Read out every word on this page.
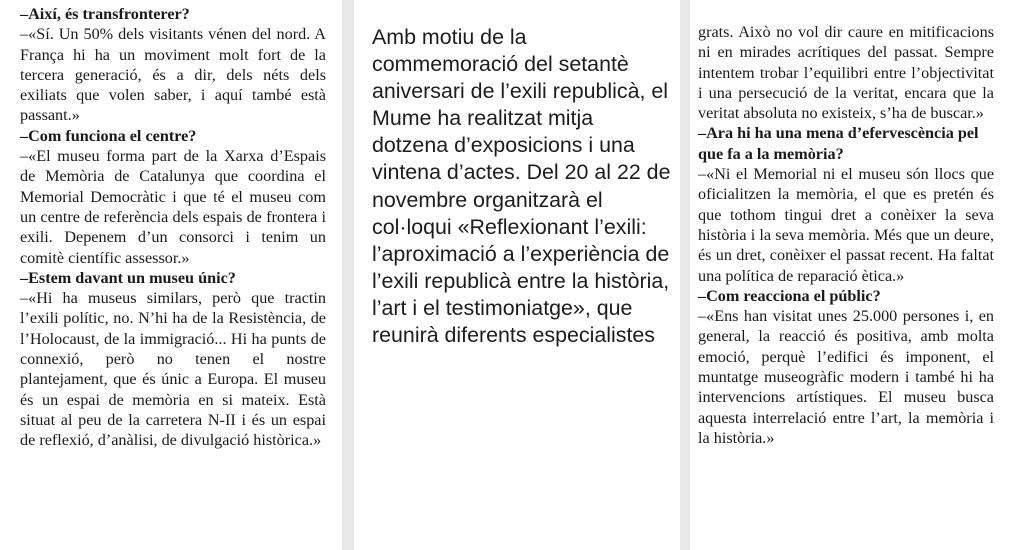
–Així, és transfronterer?

–«Sí. Un 50% dels visitants vénen del nord. A França hi ha un moviment molt fort de la tercera generació, és a dir, dels néts dels exiliats que volen saber, i aquí també està passant.»

–Com funciona el centre?

–«El museu forma part de la Xarxa d’Espais de Memòria de Catalunya que coordina el Memorial Democràtic i que té el museu com un centre de referència dels espais de frontera i exili. Depenem d’un consorci i tenim un comitè científic assessor.»

–Estem davant un museu únic?

–«Hi ha museus similars, però que tractin l’exili polític, no. N’hi ha de la Resistència, de l’Holocaust, de la immigració... Hi ha punts de connexió, però no tenen el nostre plantejament, que és únic a Europa. El museu és un espai de memòria en si mateix. Està situat al peu de la carretera N-II i és un espai de reflexió, d’anàlisi, de divulgació històrica.»

Amb motiu de la commemoració del setantè aniversari de l’exili republicà, el Mume ha realitzat mitja dotzena d’exposicions i una vintena d’actes. Del 20 al 22 de novembre organitzarà el col·loqui «Reflexionant l’exili: l’aproximació a l’experiència de l’exili republicà entre la història, l’art i el testimoniatge», que reunirà diferents especialistes

grats. Això no vol dir caure en mitificacions ni en mirades acrítiques del passat. Sempre intentem trobar l’equilibri entre l’objectivitat i una persecució de la veritat, encara que la veritat absoluta no existeix, s’ha de buscar.»

–Ara hi ha una mena d’efervescència pel que fa a la memòria?

–«Ni el Memorial ni el museu són llocs que oficialitzen la memòria, el que es pretén és que tothom tingui dret a conèixer la seva història i la seva memòria. Més que un deure, és un dret, conèixer el passat recent. Ha faltat una política de reparació ètica.»

–Com reacciona el públic?

–«Ens han visitat unes 25.000 persones i, en general, la reacció és positiva, amb molta emoció, perquè l’edifici és imponent, el muntatge museogràfic modern i també hi ha intervencions artístiques. El museu busca aquesta interrelació entre l’art, la memòria i la història.»
